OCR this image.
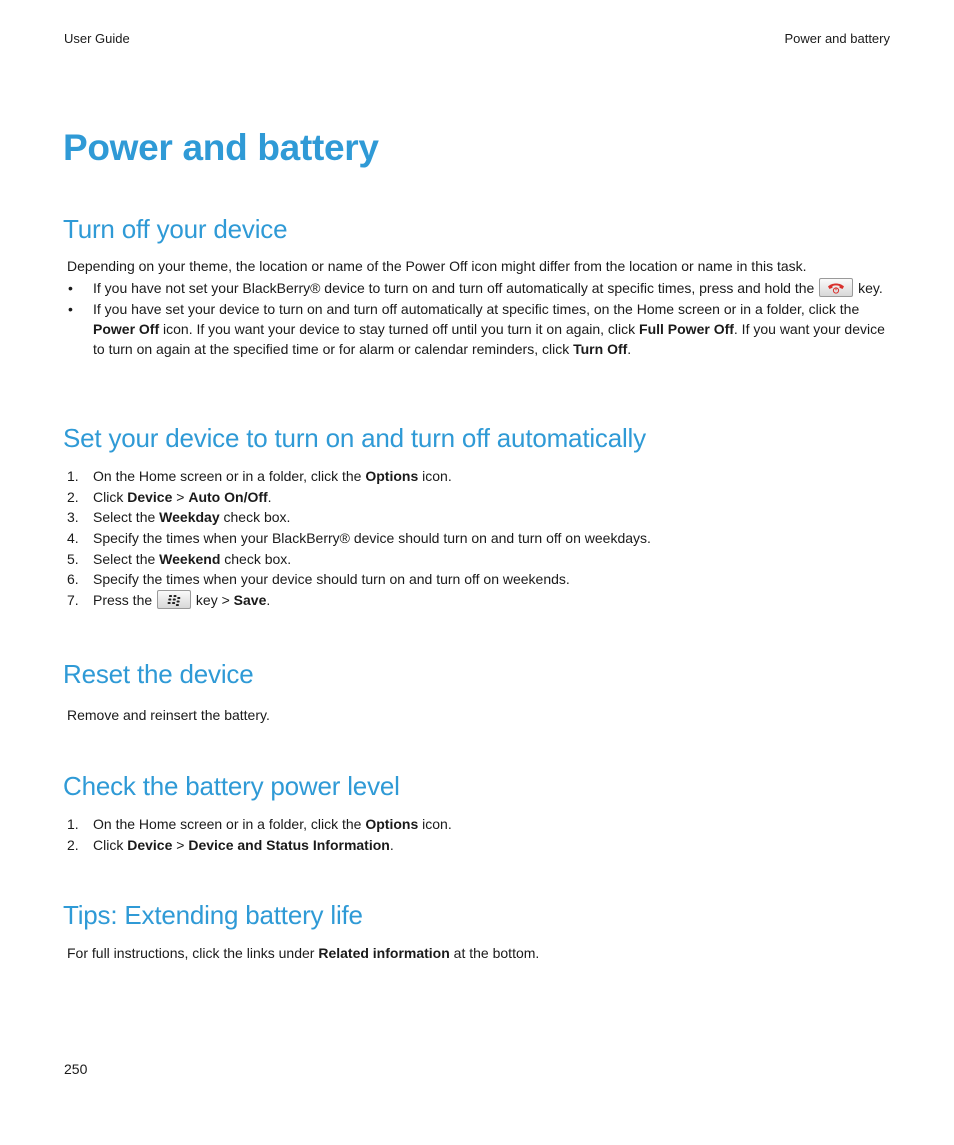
User Guide	Power and battery
Power and battery
Turn off your device

Depending on your theme, the location or name of the Power Off icon might differ from the location or name in this task.

• If you have not set your BlackBerry® device to turn on and turn off automatically at specific times, press and hold the	key.
• If you have set your device to turn on and turn off automatically at specific times, on the Home screen or in a folder, click the Power Off icon. If you want your device to stay turned off until you turn it on again, click Full Power Off. If you want your device to turn on again at the specified time or for alarm or calendar reminders, click Turn Off.
Set your device to turn on and turn off automatically
1. On the Home screen or in a folder, click the Options icon.
2. Click Device > Auto On/Off.
3. Select the Weekday check box.
4. Specify the times when your BlackBerry® device should turn on and turn off on weekdays.
5. Select the Weekend check box.
6. Specify the times when your device should turn on and turn off on weekends.
7. Press the	key > Save.
Reset the device

Remove and reinsert the battery.

Check the battery power level
1. On the Home screen or in a folder, click the Options icon.
2. Click Device > Device and Status Information.
Tips: Extending battery life

For full instructions, click the links under Related information at the bottom.

250
